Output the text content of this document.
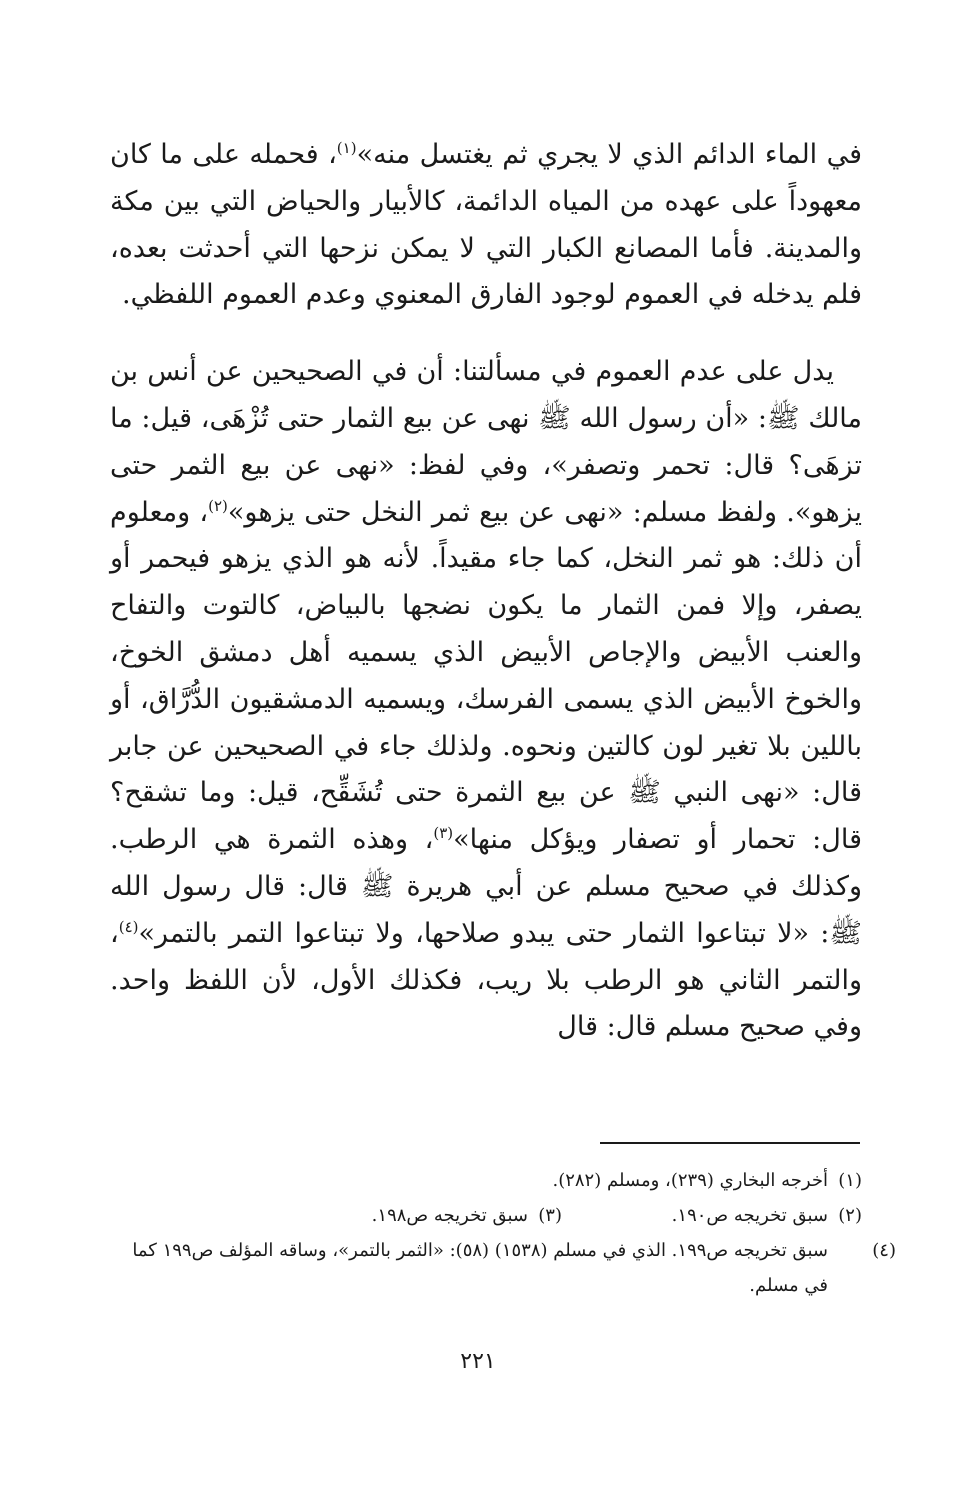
في الماء الدائم الذي لا يجري ثم يغتسل منه»$^{(١)}$، فحمله على ما كان معهوداً على عهده من المياه الدائمة، كالأبيار والحياض التي بين مكة والمدينة. فأما المصانع الكبار التي لا يمكن نزحها التي أحدثت بعده، فلم يدخله في العموم لوجود الفارق المعنوي وعدم العموم اللفظي.

يدل على عدم العموم في مسألتنا: أن في الصحيحين عن أنس بن مالك ﷺ: «أن رسول الله ﷺ نهى عن بيع الثمار حتى تُزْهَى، قيل: ما تزهَى؟ قال: تحمر وتصفر»، وفي لفظ: «نهى عن بيع الثمر حتى يزهو». ولفظ مسلم: «نهى عن بيع ثمر النخل حتى يزهو»$^{(٢)}$، ومعلوم أن ذلك: هو ثمر النخل، كما جاء مقيداً. لأنه هو الذي يزهو فيحمر أو يصفر، وإلا فمن الثمار ما يكون نضجها بالبياض، كالتوت والتفاح والعنب الأبيض والإجاص الأبيض الذي يسميه أهل دمشق الخوخ، والخوخ الأبيض الذي يسمى الفرسك، ويسميه الدمشقيون الدُّرَّاق، أو باللين بلا تغير لون كالتين ونحوه. ولذلك جاء في الصحيحين عن جابر قال: «نهى النبي ﷺ عن بيع الثمرة حتى تُشَقِّح، قيل: وما تشقح؟ قال: تحمار أو تصفار ويؤكل منها»$^{(٣)}$، وهذه الثمرة هي الرطب. وكذلك في صحيح مسلم عن أبي هريرة ﷺ قال: قال رسول الله ﷺ: «لا تبتاعوا الثمار حتى يبدو صلاحها، ولا تبتاعوا التمر بالتمر»$^{(٤)}$، والتمر الثاني هو الرطب بلا ريب، فكذلك الأول، لأن اللفظ واحد. وفي صحيح مسلم قال: قال

(١)أخرجه البخاري (٢٣٩)، ومسلم (٢٨٢).

(٢)سبق تخريجه ص١٩٠.

(٣)سبق تخريجه ص١٩٨.

(٤)سبق تخريجه ص١٩٩. الذي في مسلم (١٥٣٨) (٥٨): «الثمر بالتمر»، وساقه المؤلف ص١٩٩ كما في مسلم.

٢٢١
